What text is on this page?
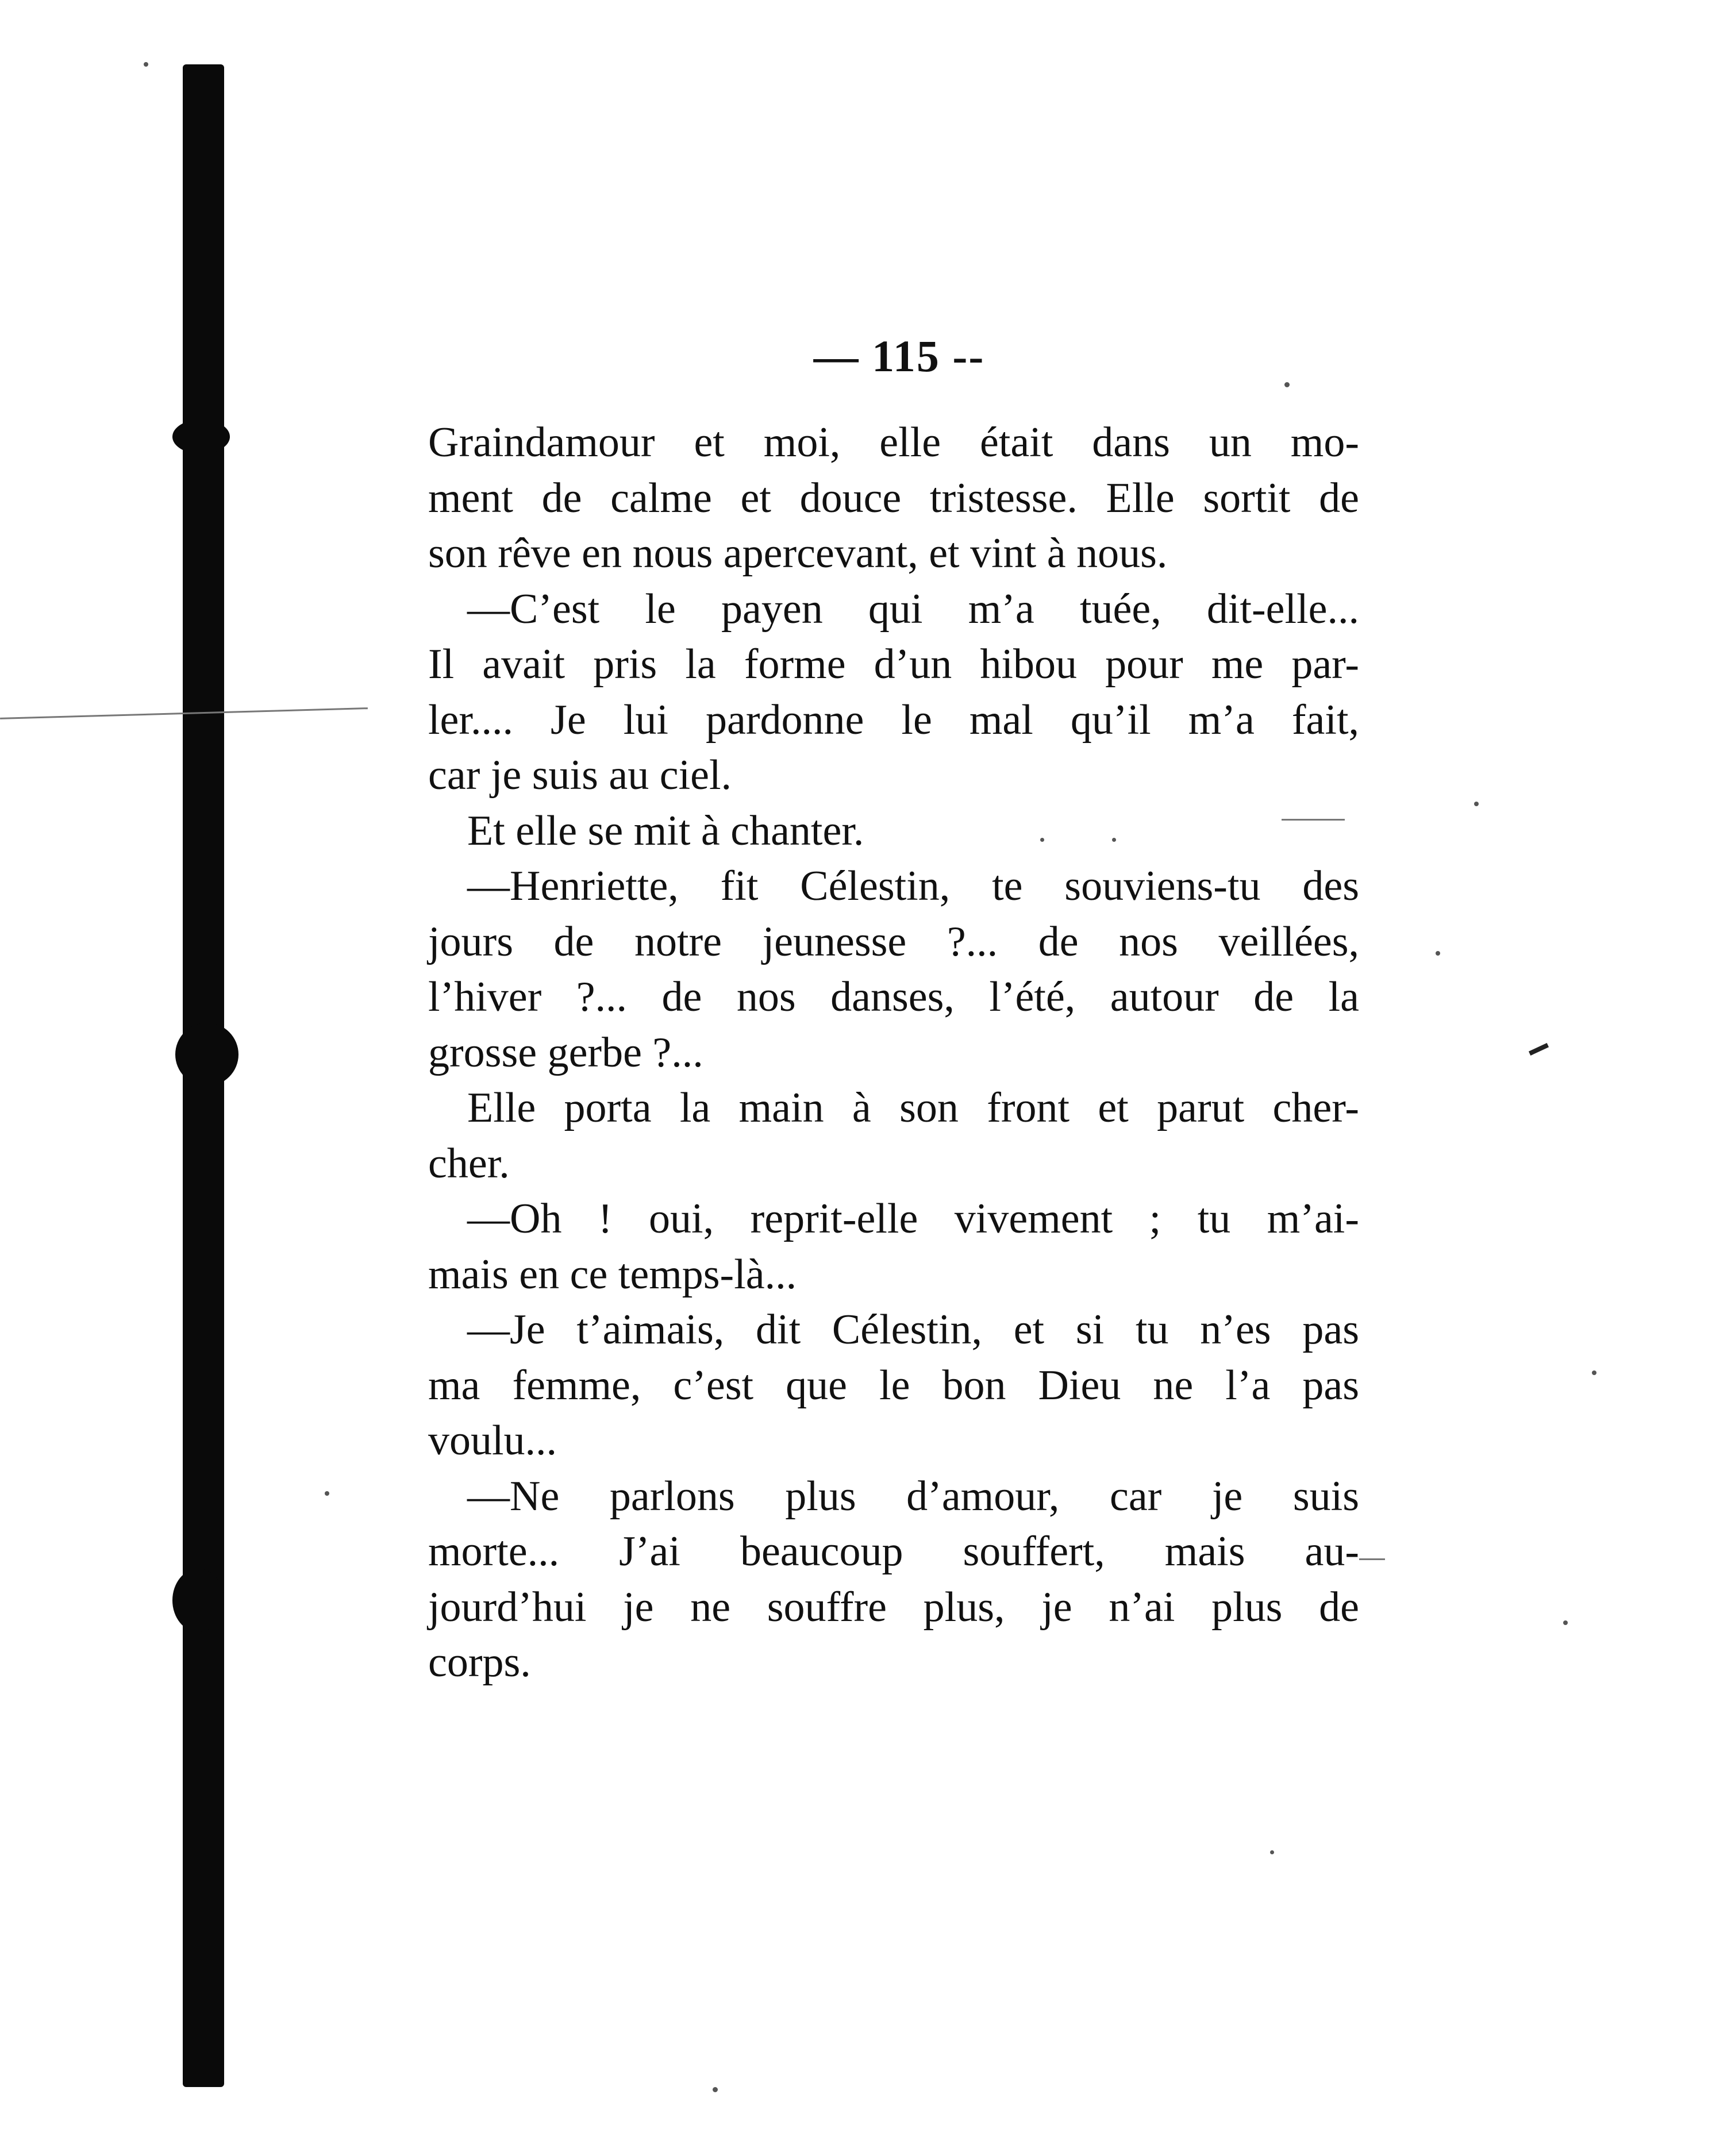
— 115 --
Graindamour et moi, elle était dans un mo-
ment de calme et douce tristesse. Elle sortit de
son rêve en nous apercevant, et vint à nous.
—C’est le payen qui m’a tuée, dit-elle...
Il avait pris la forme d’un hibou pour me par-
ler.... Je lui pardonne le mal qu’il m’a fait,
car je suis au ciel.
Et elle se mit à chanter.
—Henriette, fit Célestin, te souviens-tu des
jours de notre jeunesse ?... de nos veillées,
l’hiver ?... de nos danses, l’été, autour de la
grosse gerbe ?...
Elle porta la main à son front et parut cher-
cher.
—Oh ! oui, reprit-elle vivement ; tu m’ai-
mais en ce temps-là...
—Je t’aimais, dit Célestin, et si tu n’es pas
ma femme, c’est que le bon Dieu ne l’a pas
voulu...
—Ne parlons plus d’amour, car je suis
morte... J’ai beaucoup souffert, mais au-
jourd’hui je ne souffre plus, je n’ai plus de
corps.
